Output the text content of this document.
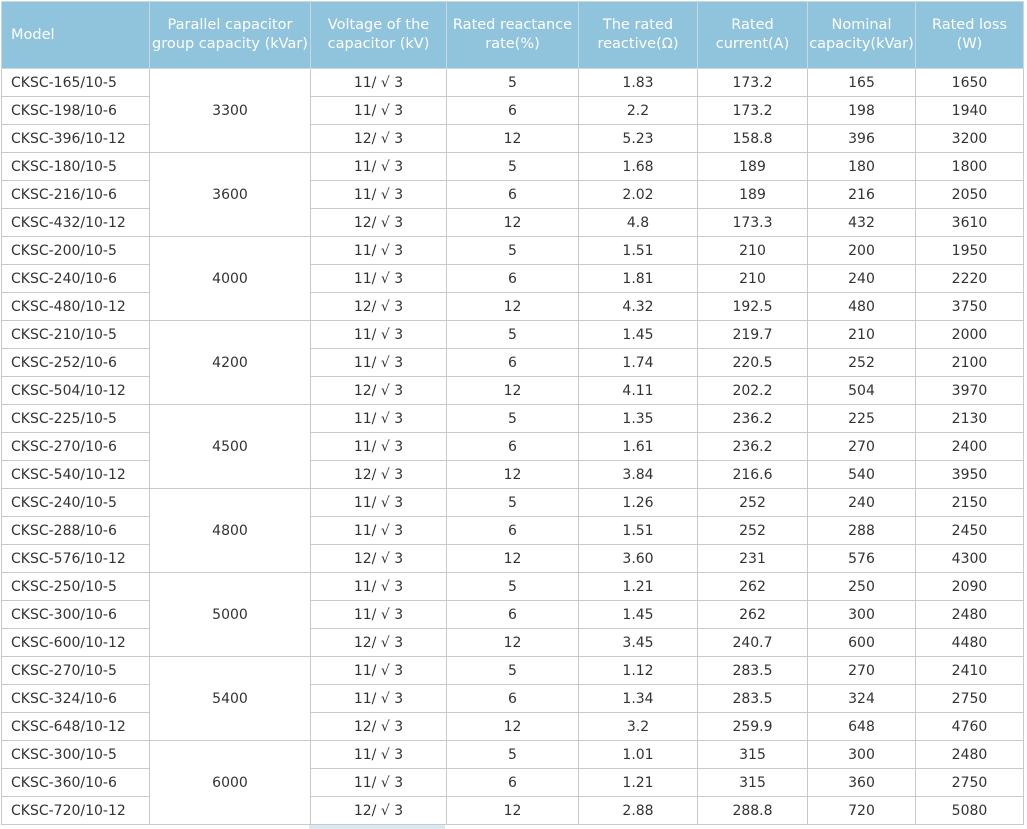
Model	Parallel capacitor group capacity (kVar)	Voltage of the capacitor (kV)	Rated reactance rate(%)	The rated reactive(Ω)	Rated current(A)	Nominal capacity(kVar)	Rated loss (W)
CKSC-165/10-5	3300	11/ √ 3	5	1.83	173.2	165	1650
CKSC-198/10-6		11/ √ 3	6	2.2	173.2	198	1940
CKSC-396/10-12		12/ √ 3	12	5.23	158.8	396	3200
CKSC-180/10-5	3600	11/ √ 3	5	1.68	189	180	1800
CKSC-216/10-6		11/ √ 3	6	2.02	189	216	2050
CKSC-432/10-12		12/ √ 3	12	4.8	173.3	432	3610
CKSC-200/10-5	4000	11/ √ 3	5	1.51	210	200	1950
CKSC-240/10-6		11/ √ 3	6	1.81	210	240	2220
CKSC-480/10-12		12/ √ 3	12	4.32	192.5	480	3750
CKSC-210/10-5	4200	11/ √ 3	5	1.45	219.7	210	2000
CKSC-252/10-6		11/ √ 3	6	1.74	220.5	252	2100
CKSC-504/10-12		12/ √ 3	12	4.11	202.2	504	3970
CKSC-225/10-5	4500	11/ √ 3	5	1.35	236.2	225	2130
CKSC-270/10-6		11/ √ 3	6	1.61	236.2	270	2400
CKSC-540/10-12		12/ √ 3	12	3.84	216.6	540	3950
CKSC-240/10-5	4800	11/ √ 3	5	1.26	252	240	2150
CKSC-288/10-6		11/ √ 3	6	1.51	252	288	2450
CKSC-576/10-12		12/ √ 3	12	3.60	231	576	4300
CKSC-250/10-5	5000	11/ √ 3	5	1.21	262	250	2090
CKSC-300/10-6		11/ √ 3	6	1.45	262	300	2480
CKSC-600/10-12		12/ √ 3	12	3.45	240.7	600	4480
CKSC-270/10-5	5400	11/ √ 3	5	1.12	283.5	270	2410
CKSC-324/10-6		11/ √ 3	6	1.34	283.5	324	2750
CKSC-648/10-12		12/ √ 3	12	3.2	259.9	648	4760
CKSC-300/10-5	6000	11/ √ 3	5	1.01	315	300	2480
CKSC-360/10-6		11/ √ 3	6	1.21	315	360	2750
CKSC-720/10-12		12/ √ 3	12	2.88	288.8	720	5080
